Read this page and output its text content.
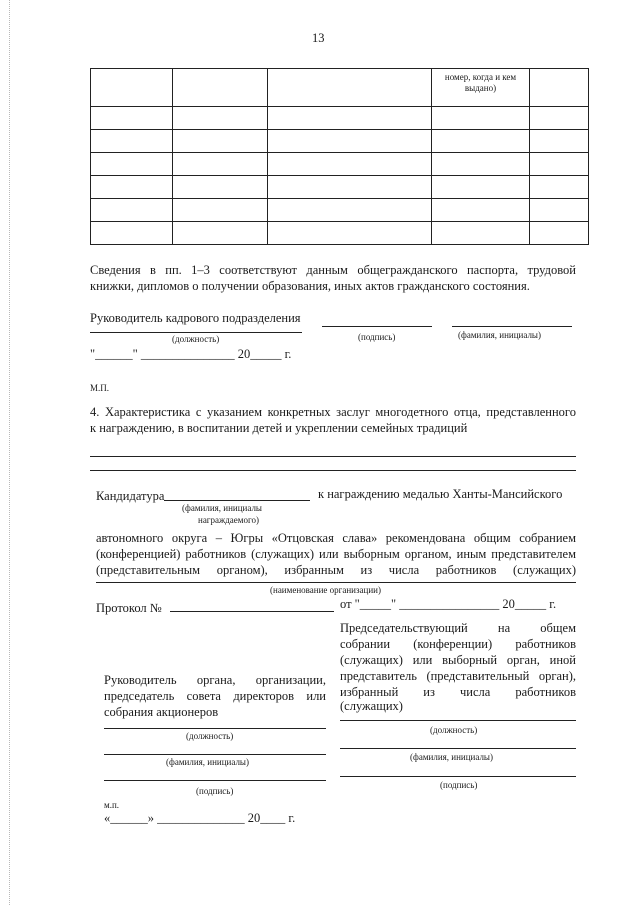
13
			номер, когда и кем выдано)	

Сведения в пп. 1–3 соответствуют данным общегражданского паспорта, трудовой
книжки, дипломов о получении образования, иных актов гражданского состояния.
Руководитель кадрового подразделения
(должность)	(подпись)	(фамилия, инициалы)
"______" _______________ 20_____ г.
М.П.
4. Характеристика с указанием конкретных заслуг многодетного отца, представленного
к награждению, в воспитании детей и укреплении семейных традиций
Кандидатура	к награждению медалью Ханты-Мансийского
(фамилия, инициалы
награждаемого)
автономного округа – Югры «Отцовская слава» рекомендована общим собранием
(конференцией) работников (служащих) или выборным органом, иным представителем
(представительным органом), избранным из числа работников (служащих)
(наименование организации)
Протокол №	от "_____" ________________ 20_____ г.
Председательствующий на общем
собрании (конференции) работников
(служащих) или выборный орган, иной
представитель (представительный орган),
избранный из числа работников
(служащих)
Руководитель органа, организации,
председатель совета директоров или
собрания акционеров
(должность)
(фамилия, инициалы)
(подпись)
(должность)
(фамилия, инициалы)
(подпись)
м.п.
«______» ______________ 20____ г.
